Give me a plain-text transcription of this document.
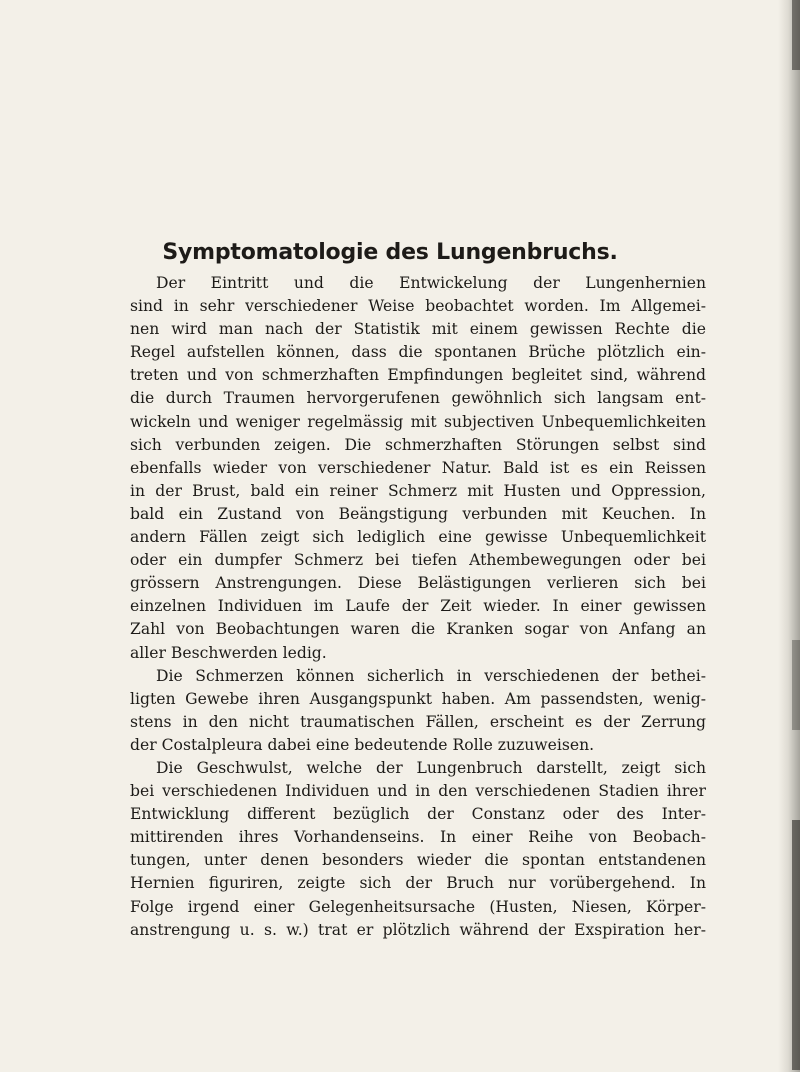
Symptomatologie des Lungenbruchs.
Der Eintritt und die Entwickelung der Lungenhernien
sind in sehr verschiedener Weise beobachtet worden. Im Allgemei-
nen wird man nach der Statistik mit einem gewissen Rechte die
Regel aufstellen können, dass die spontanen Brüche plötzlich ein-
treten und von schmerzhaften Empfindungen begleitet sind, während
die durch Traumen hervorgerufenen gewöhnlich sich langsam ent-
wickeln und weniger regelmässig mit subjectiven Unbequemlichkeiten
sich verbunden zeigen. Die schmerzhaften Störungen selbst sind
ebenfalls wieder von verschiedener Natur. Bald ist es ein Reissen
in der Brust, bald ein reiner Schmerz mit Husten und Oppression,
bald ein Zustand von Beängstigung verbunden mit Keuchen. In
andern Fällen zeigt sich lediglich eine gewisse Unbequemlichkeit
oder ein dumpfer Schmerz bei tiefen Athembewegungen oder bei
grössern Anstrengungen. Diese Belästigungen verlieren sich bei
einzelnen Individuen im Laufe der Zeit wieder. In einer gewissen
Zahl von Beobachtungen waren die Kranken sogar von Anfang an
aller Beschwerden ledig.
Die Schmerzen können sicherlich in verschiedenen der bethei-
ligten Gewebe ihren Ausgangspunkt haben. Am passendsten, wenig-
stens in den nicht traumatischen Fällen, erscheint es der Zerrung
der Costalpleura dabei eine bedeutende Rolle zuzuweisen.
Die Geschwulst, welche der Lungenbruch darstellt, zeigt sich
bei verschiedenen Individuen und in den verschiedenen Stadien ihrer
Entwicklung different bezüglich der Constanz oder des Inter-
mittirenden ihres Vorhandenseins. In einer Reihe von Beobach-
tungen, unter denen besonders wieder die spontan entstandenen
Hernien figuriren, zeigte sich der Bruch nur vorübergehend. In
Folge irgend einer Gelegenheitsursache (Husten, Niesen, Körper-
anstrengung u. s. w.) trat er plötzlich während der Exspiration her-
